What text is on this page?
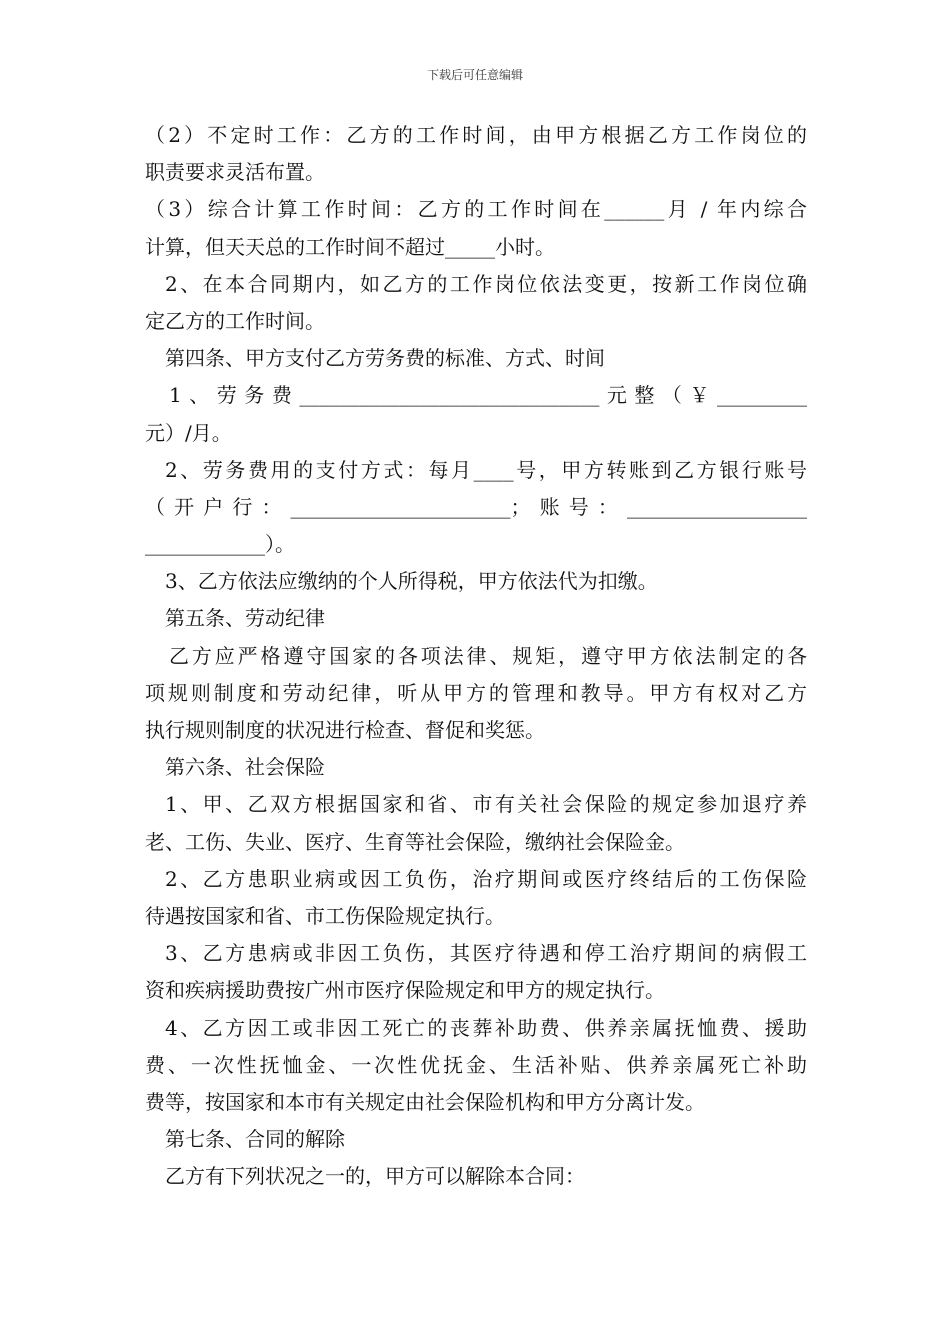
下载后可任意编辑
（2）不定时工作：乙方的工作时间，由甲方根据乙方工作岗位的
职责要求灵活布置。
（3）综合计算工作时间：乙方的工作时间在______月 / 年内综合
计算，但天天总的工作时间不超过_____小时。
2、在本合同期内，如乙方的工作岗位依法变更，按新工作岗位确
定乙方的工作时间。
第四条、甲方支付乙方劳务费的标准、方式、时间
1、劳务费______________________________元整（￥_________
元）/月。
2、劳务费用的支付方式：每月____号，甲方转账到乙方银行账号
（开户行：______________________；账号：__________________
____________）。
3、乙方依法应缴纳的个人所得税，甲方依法代为扣缴。
第五条、劳动纪律
乙方应严格遵守国家的各项法律、规矩，遵守甲方依法制定的各
项规则制度和劳动纪律，听从甲方的管理和教导。甲方有权对乙方
执行规则制度的状况进行检查、督促和奖惩。
第六条、社会保险
1、甲、乙双方根据国家和省、市有关社会保险的规定参加退疗养
老、工伤、失业、医疗、生育等社会保险，缴纳社会保险金。
2、乙方患职业病或因工负伤，治疗期间或医疗终结后的工伤保险
待遇按国家和省、市工伤保险规定执行。
3、乙方患病或非因工负伤，其医疗待遇和停工治疗期间的病假工
资和疾病援助费按广州市医疗保险规定和甲方的规定执行。
4、乙方因工或非因工死亡的丧葬补助费、供养亲属抚恤费、援助
费、一次性抚恤金、一次性优抚金、生活补贴、供养亲属死亡补助
费等，按国家和本市有关规定由社会保险机构和甲方分离计发。
第七条、合同的解除
乙方有下列状况之一的，甲方可以解除本合同：
